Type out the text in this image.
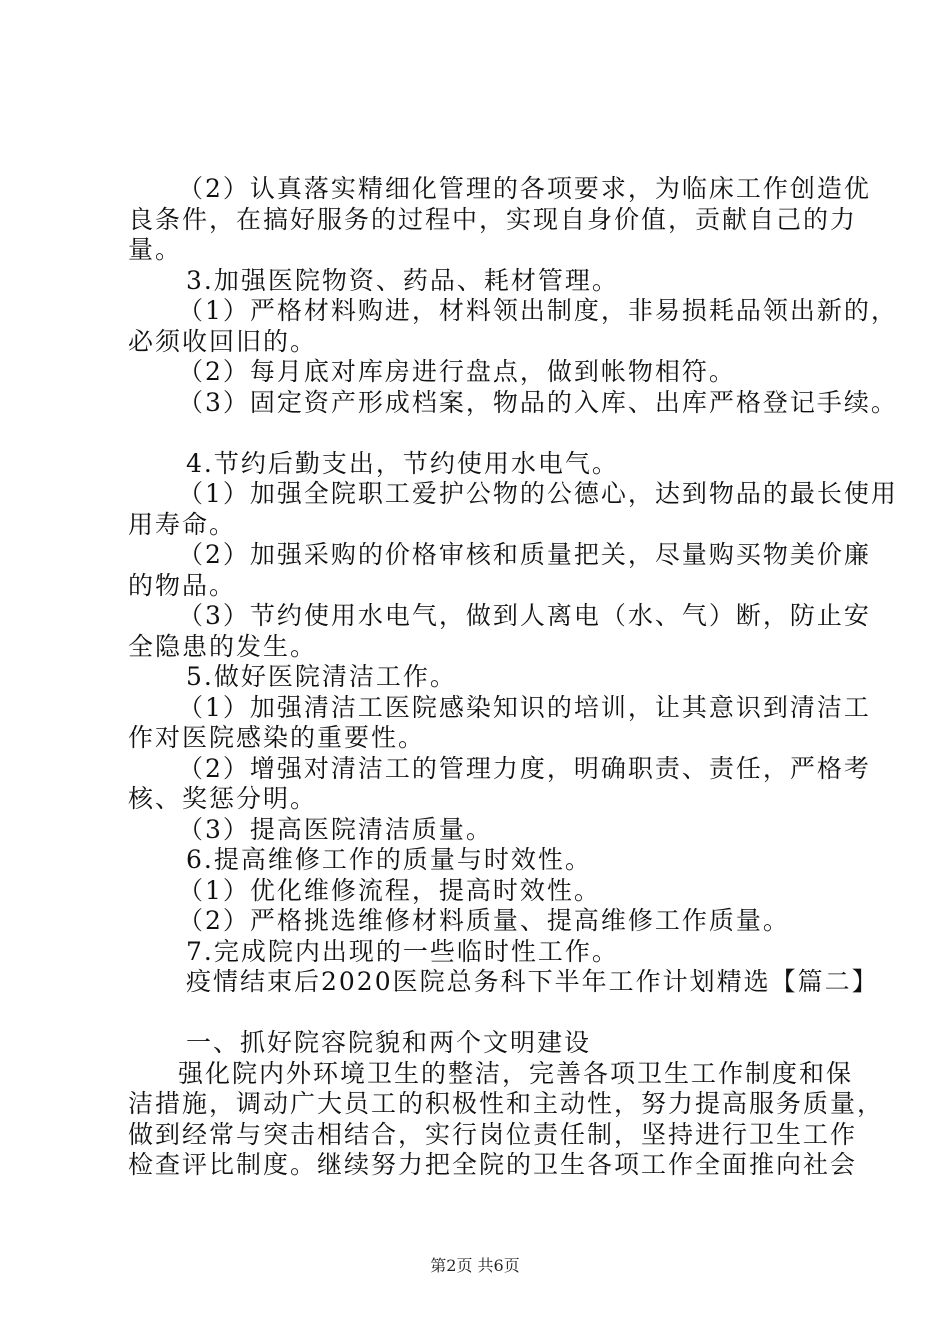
（2）认真落实精细化管理的各项要求，为临床工作创造优

良条件，在搞好服务的过程中，实现自身价值，贡献自己的力

量。

3.加强医院物资、药品、耗材管理。

（1）严格材料购进，材料领出制度，非易损耗品领出新的，

必须收回旧的。

（2）每月底对库房进行盘点，做到帐物相符。

（3）固定资产形成档案，物品的入库、出库严格登记手续。

4.节约后勤支出，节约使用水电气。

（1）加强全院职工爱护公物的公德心，达到物品的最长使用

用寿命。

（2）加强采购的价格审核和质量把关，尽量购买物美价廉

的物品。

（3）节约使用水电气，做到人离电（水、气）断，防止安

全隐患的发生。

5.做好医院清洁工作。

（1）加强清洁工医院感染知识的培训，让其意识到清洁工

作对医院感染的重要性。

（2）增强对清洁工的管理力度，明确职责、责任，严格考

核、奖惩分明。

（3）提高医院清洁质量。

6.提高维修工作的质量与时效性。

（1）优化维修流程，提高时效性。

（2）严格挑选维修材料质量、提高维修工作质量。

7.完成院内出现的一些临时性工作。

疫情结束后2020医院总务科下半年工作计划精选【篇二】

一、抓好院容院貌和两个文明建设

强化院内外环境卫生的整洁，完善各项卫生工作制度和保

洁措施，调动广大员工的积极性和主动性，努力提高服务质量，

做到经常与突击相结合，实行岗位责任制，坚持进行卫生工作

检查评比制度。继续努力把全院的卫生各项工作全面推向社会

第2页 共6页
